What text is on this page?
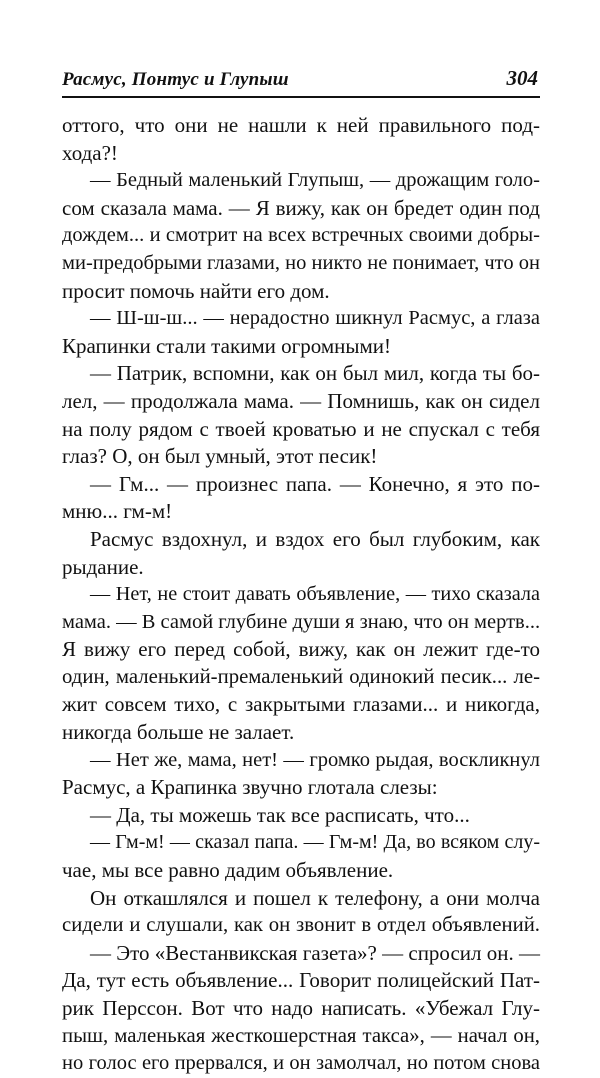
Расмус, Понтус и Глупыш	304
оттого, что они не нашли к ней правильного под-
хода?!
— Бедный маленький Глупыш, — дрожащим голо-
сом сказала мама. — Я вижу, как он бредет один под
дождем... и смотрит на всех встречных своими добры-
ми-предобрыми глазами, но никто не понимает, что он
просит помочь найти его дом.
— Ш-ш-ш... — нерадостно шикнул Расмус, а глаза
Крапинки стали такими огромными!
— Патрик, вспомни, как он был мил, когда ты бо-
лел, — продолжала мама. — Помнишь, как он сидел
на полу рядом с твоей кроватью и не спускал с тебя
глаз? О, он был умный, этот песик!
— Гм... — произнес папа. — Конечно, я это по-
мню... гм-м!
Расмус вздохнул, и вздох его был глубоким, как
рыдание.
— Нет, не стоит давать объявление, — тихо сказала
мама. — В самой глубине души я знаю, что он мертв...
Я вижу его перед собой, вижу, как он лежит где-то
один, маленький-премаленький одинокий песик... ле-
жит совсем тихо, с закрытыми глазами... и никогда,
никогда больше не залает.
— Нет же, мама, нет! — громко рыдая, воскликнул
Расмус, а Крапинка звучно глотала слезы:
— Да, ты можешь так все расписать, что...
— Гм-м! — сказал папа. — Гм-м! Да, во всяком слу-
чае, мы все равно дадим объявление.
Он откашлялся и пошел к телефону, а они молча
сидели и слушали, как он звонит в отдел объявлений.
— Это «Вестанвикская газета»? — спросил он. —
Да, тут есть объявление... Говорит полицейский Пат-
рик Перссон. Вот что надо написать. «Убежал Глу-
пыш, маленькая жесткошерстная такса», — начал он,
но голос его прервался, и он замолчал, но потом снова
